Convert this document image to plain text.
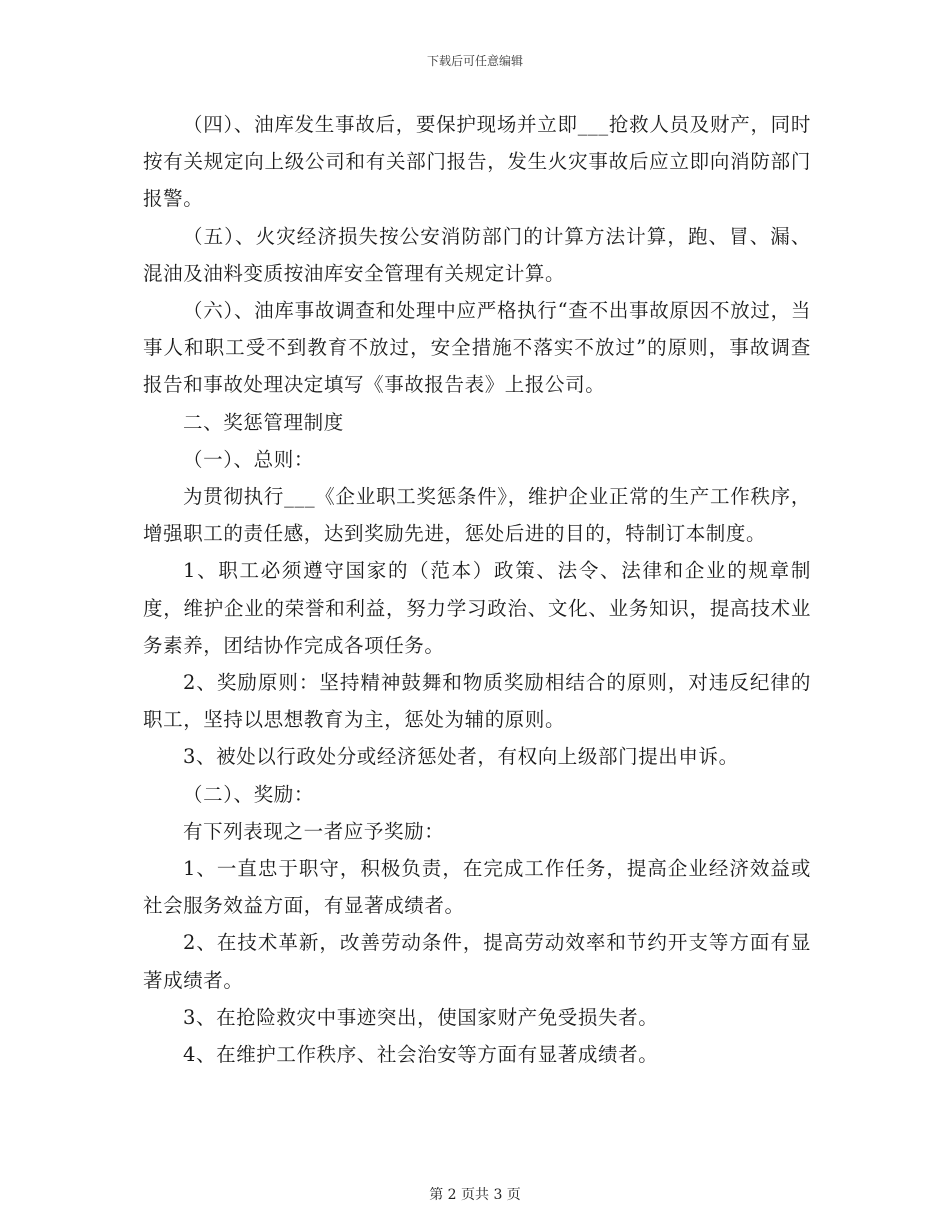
下载后可任意编辑

（四）、油库发生事故后，要保护现场并立即___抢救人员及财产，同时按有关规定向上级公司和有关部门报告，发生火灾事故后应立即向消防部门报警。

（五）、火灾经济损失按公安消防部门的计算方法计算，跑、冒、漏、混油及油料变质按油库安全管理有关规定计算。

（六）、油库事故调查和处理中应严格执行“查不出事故原因不放过，当事人和职工受不到教育不放过，安全措施不落实不放过”的原则，事故调查报告和事故处理决定填写《事故报告表》上报公司。

二、奖惩管理制度

（一）、总则：

为贯彻执行___《企业职工奖惩条件》，维护企业正常的生产工作秩序，增强职工的责任感，达到奖励先进，惩处后进的目的，特制订本制度。

1、职工必须遵守国家的（范本）政策、法令、法律和企业的规章制度，维护企业的荣誉和利益，努力学习政治、文化、业务知识，提高技术业务素养，团结协作完成各项任务。

2、奖励原则：坚持精神鼓舞和物质奖励相结合的原则，对违反纪律的职工，坚持以思想教育为主，惩处为辅的原则。

3、被处以行政处分或经济惩处者，有权向上级部门提出申诉。

（二）、奖励：

有下列表现之一者应予奖励：

1、一直忠于职守，积极负责，在完成工作任务，提高企业经济效益或社会服务效益方面，有显著成绩者。

2、在技术革新，改善劳动条件，提高劳动效率和节约开支等方面有显著成绩者。

3、在抢险救灾中事迹突出，使国家财产免受损失者。

4、在维护工作秩序、社会治安等方面有显著成绩者。

第 2 页共 3 页
